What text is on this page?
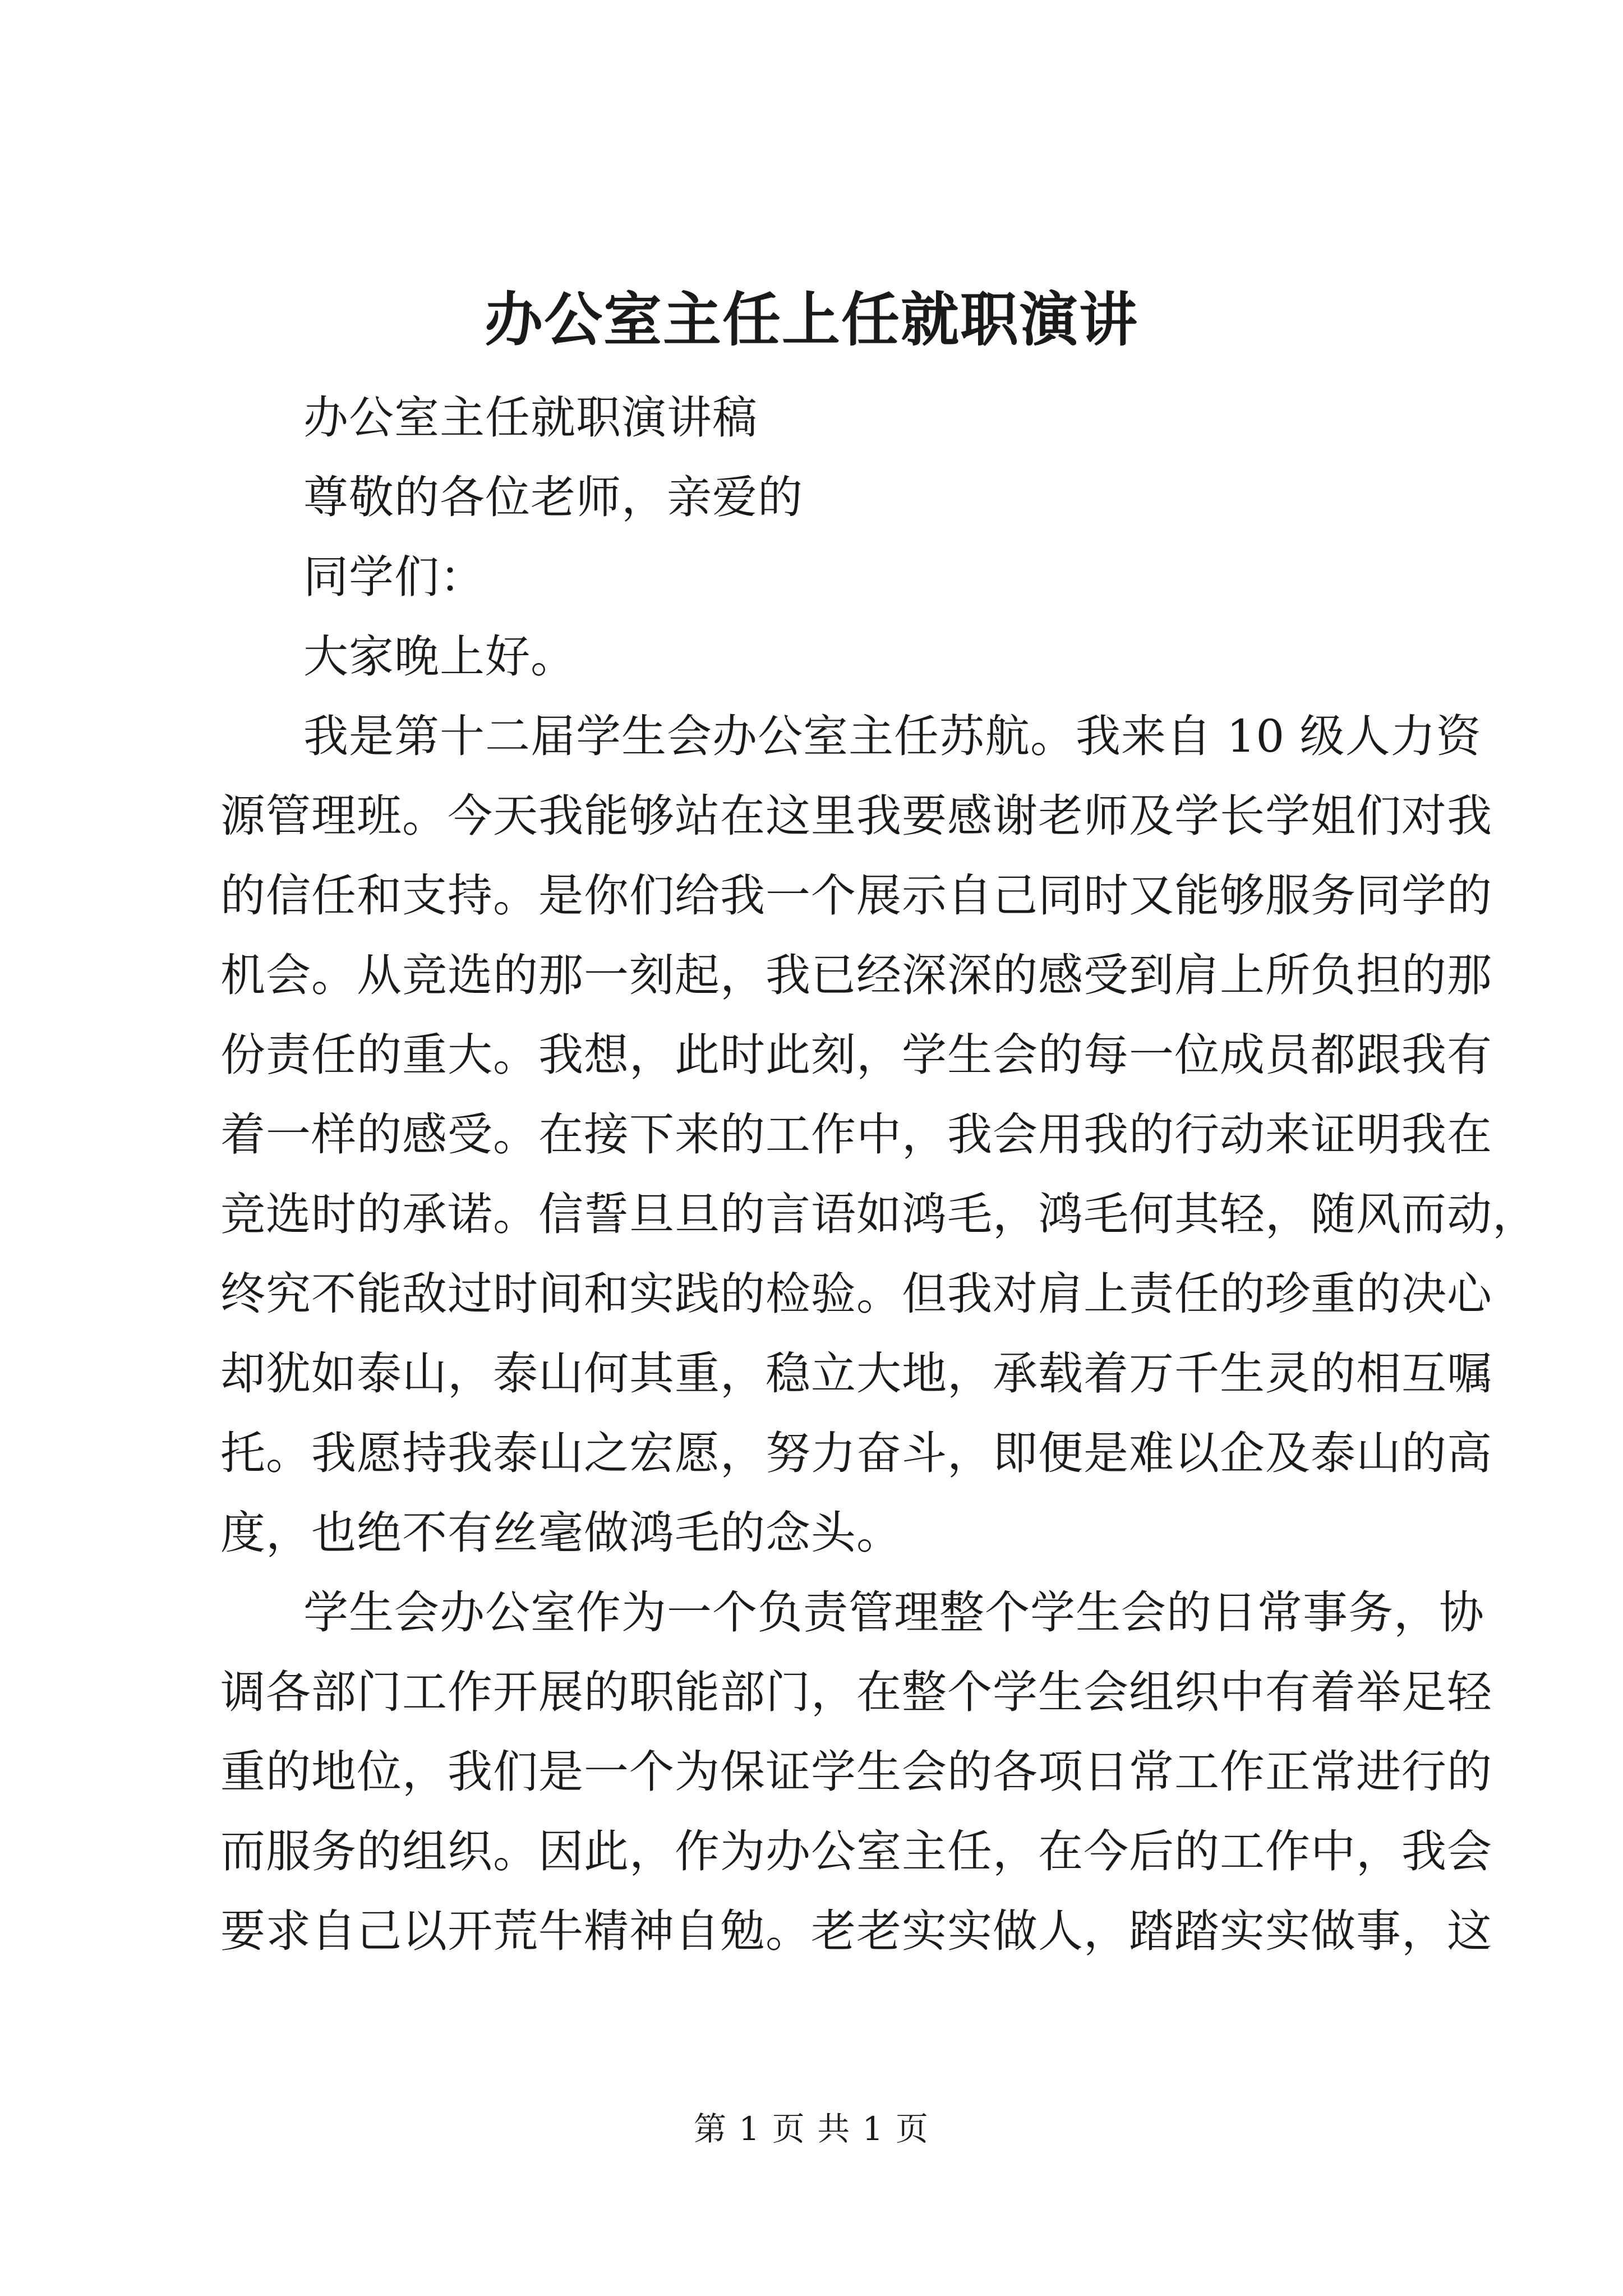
办公室主任上任就职演讲

办公室主任就职演讲稿

尊敬的各位老师，亲爱的

同学们：

大家晚上好。

我是第十二届学生会办公室主任苏航。我来自 10 级人力资

源管理班。今天我能够站在这里我要感谢老师及学长学姐们对我

的信任和支持。是你们给我一个展示自己同时又能够服务同学的

机会。从竞选的那一刻起，我已经深深的感受到肩上所负担的那

份责任的重大。我想，此时此刻，学生会的每一位成员都跟我有

着一样的感受。在接下来的工作中，我会用我的行动来证明我在

竞选时的承诺。信誓旦旦的言语如鸿毛，鸿毛何其轻，随风而动，

终究不能敌过时间和实践的检验。但我对肩上责任的珍重的决心

却犹如泰山，泰山何其重，稳立大地，承载着万千生灵的相互嘱

托。我愿持我泰山之宏愿，努力奋斗，即便是难以企及泰山的高

度，也绝不有丝毫做鸿毛的念头。

学生会办公室作为一个负责管理整个学生会的日常事务，协

调各部门工作开展的职能部门，在整个学生会组织中有着举足轻

重的地位，我们是一个为保证学生会的各项日常工作正常进行的

而服务的组织。因此，作为办公室主任，在今后的工作中，我会

要求自己以开荒牛精神自勉。老老实实做人，踏踏实实做事，这

第 1 页 共 1 页
